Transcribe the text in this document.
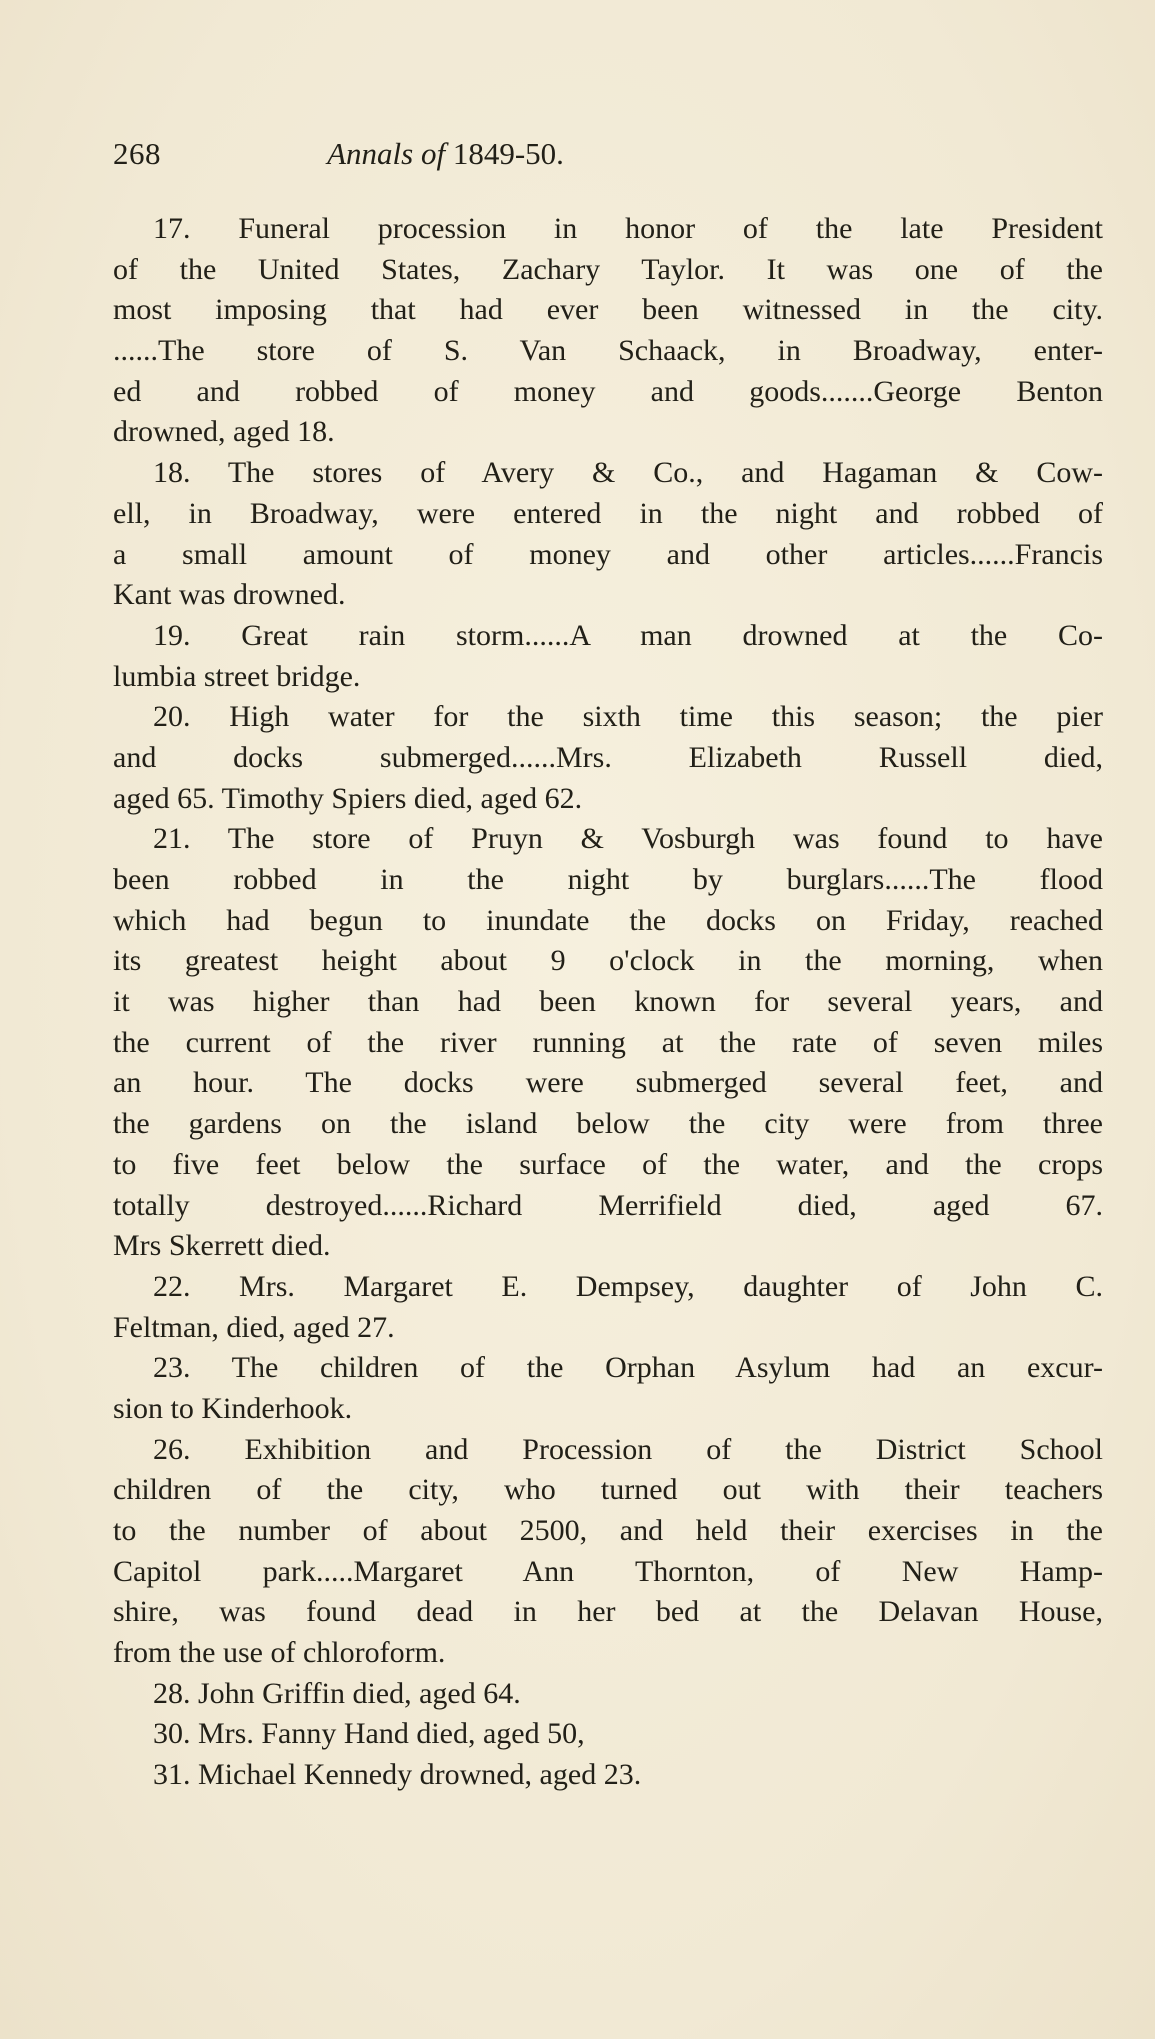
268	Annals of 1849-50.
17. Funeral procession in honor of the late President
of the United States, Zachary Taylor. It was one of the
most imposing that had ever been witnessed in the city.
......The store of S. Van Schaack, in Broadway, enter-
ed and robbed of money and goods.......George Benton
drowned, aged 18.
18. The stores of Avery & Co., and Hagaman & Cow-
ell, in Broadway, were entered in the night and robbed of
a small amount of money and other articles......Francis
Kant was drowned.
19. Great rain storm......A man drowned at the Co-
lumbia street bridge.
20. High water for the sixth time this season; the pier
and docks submerged......Mrs. Elizabeth Russell died,
aged 65. Timothy Spiers died, aged 62.
21. The store of Pruyn & Vosburgh was found to have
been robbed in the night by burglars......The flood
which had begun to inundate the docks on Friday, reached
its greatest height about 9 o'clock in the morning, when
it was higher than had been known for several years, and
the current of the river running at the rate of seven miles
an hour. The docks were submerged several feet, and
the gardens on the island below the city were from three
to five feet below the surface of the water, and the crops
totally destroyed......Richard Merrifield died, aged 67.
Mrs Skerrett died.
22. Mrs. Margaret E. Dempsey, daughter of John C.
Feltman, died, aged 27.
23. The children of the Orphan Asylum had an excur-
sion to Kinderhook.
26. Exhibition and Procession of the District School
children of the city, who turned out with their teachers
to the number of about 2500, and held their exercises in the
Capitol park.....Margaret Ann Thornton, of New Hamp-
shire, was found dead in her bed at the Delavan House,
from the use of chloroform.
28. John Griffin died, aged 64.
30. Mrs. Fanny Hand died, aged 50,
31. Michael Kennedy drowned, aged 23.
